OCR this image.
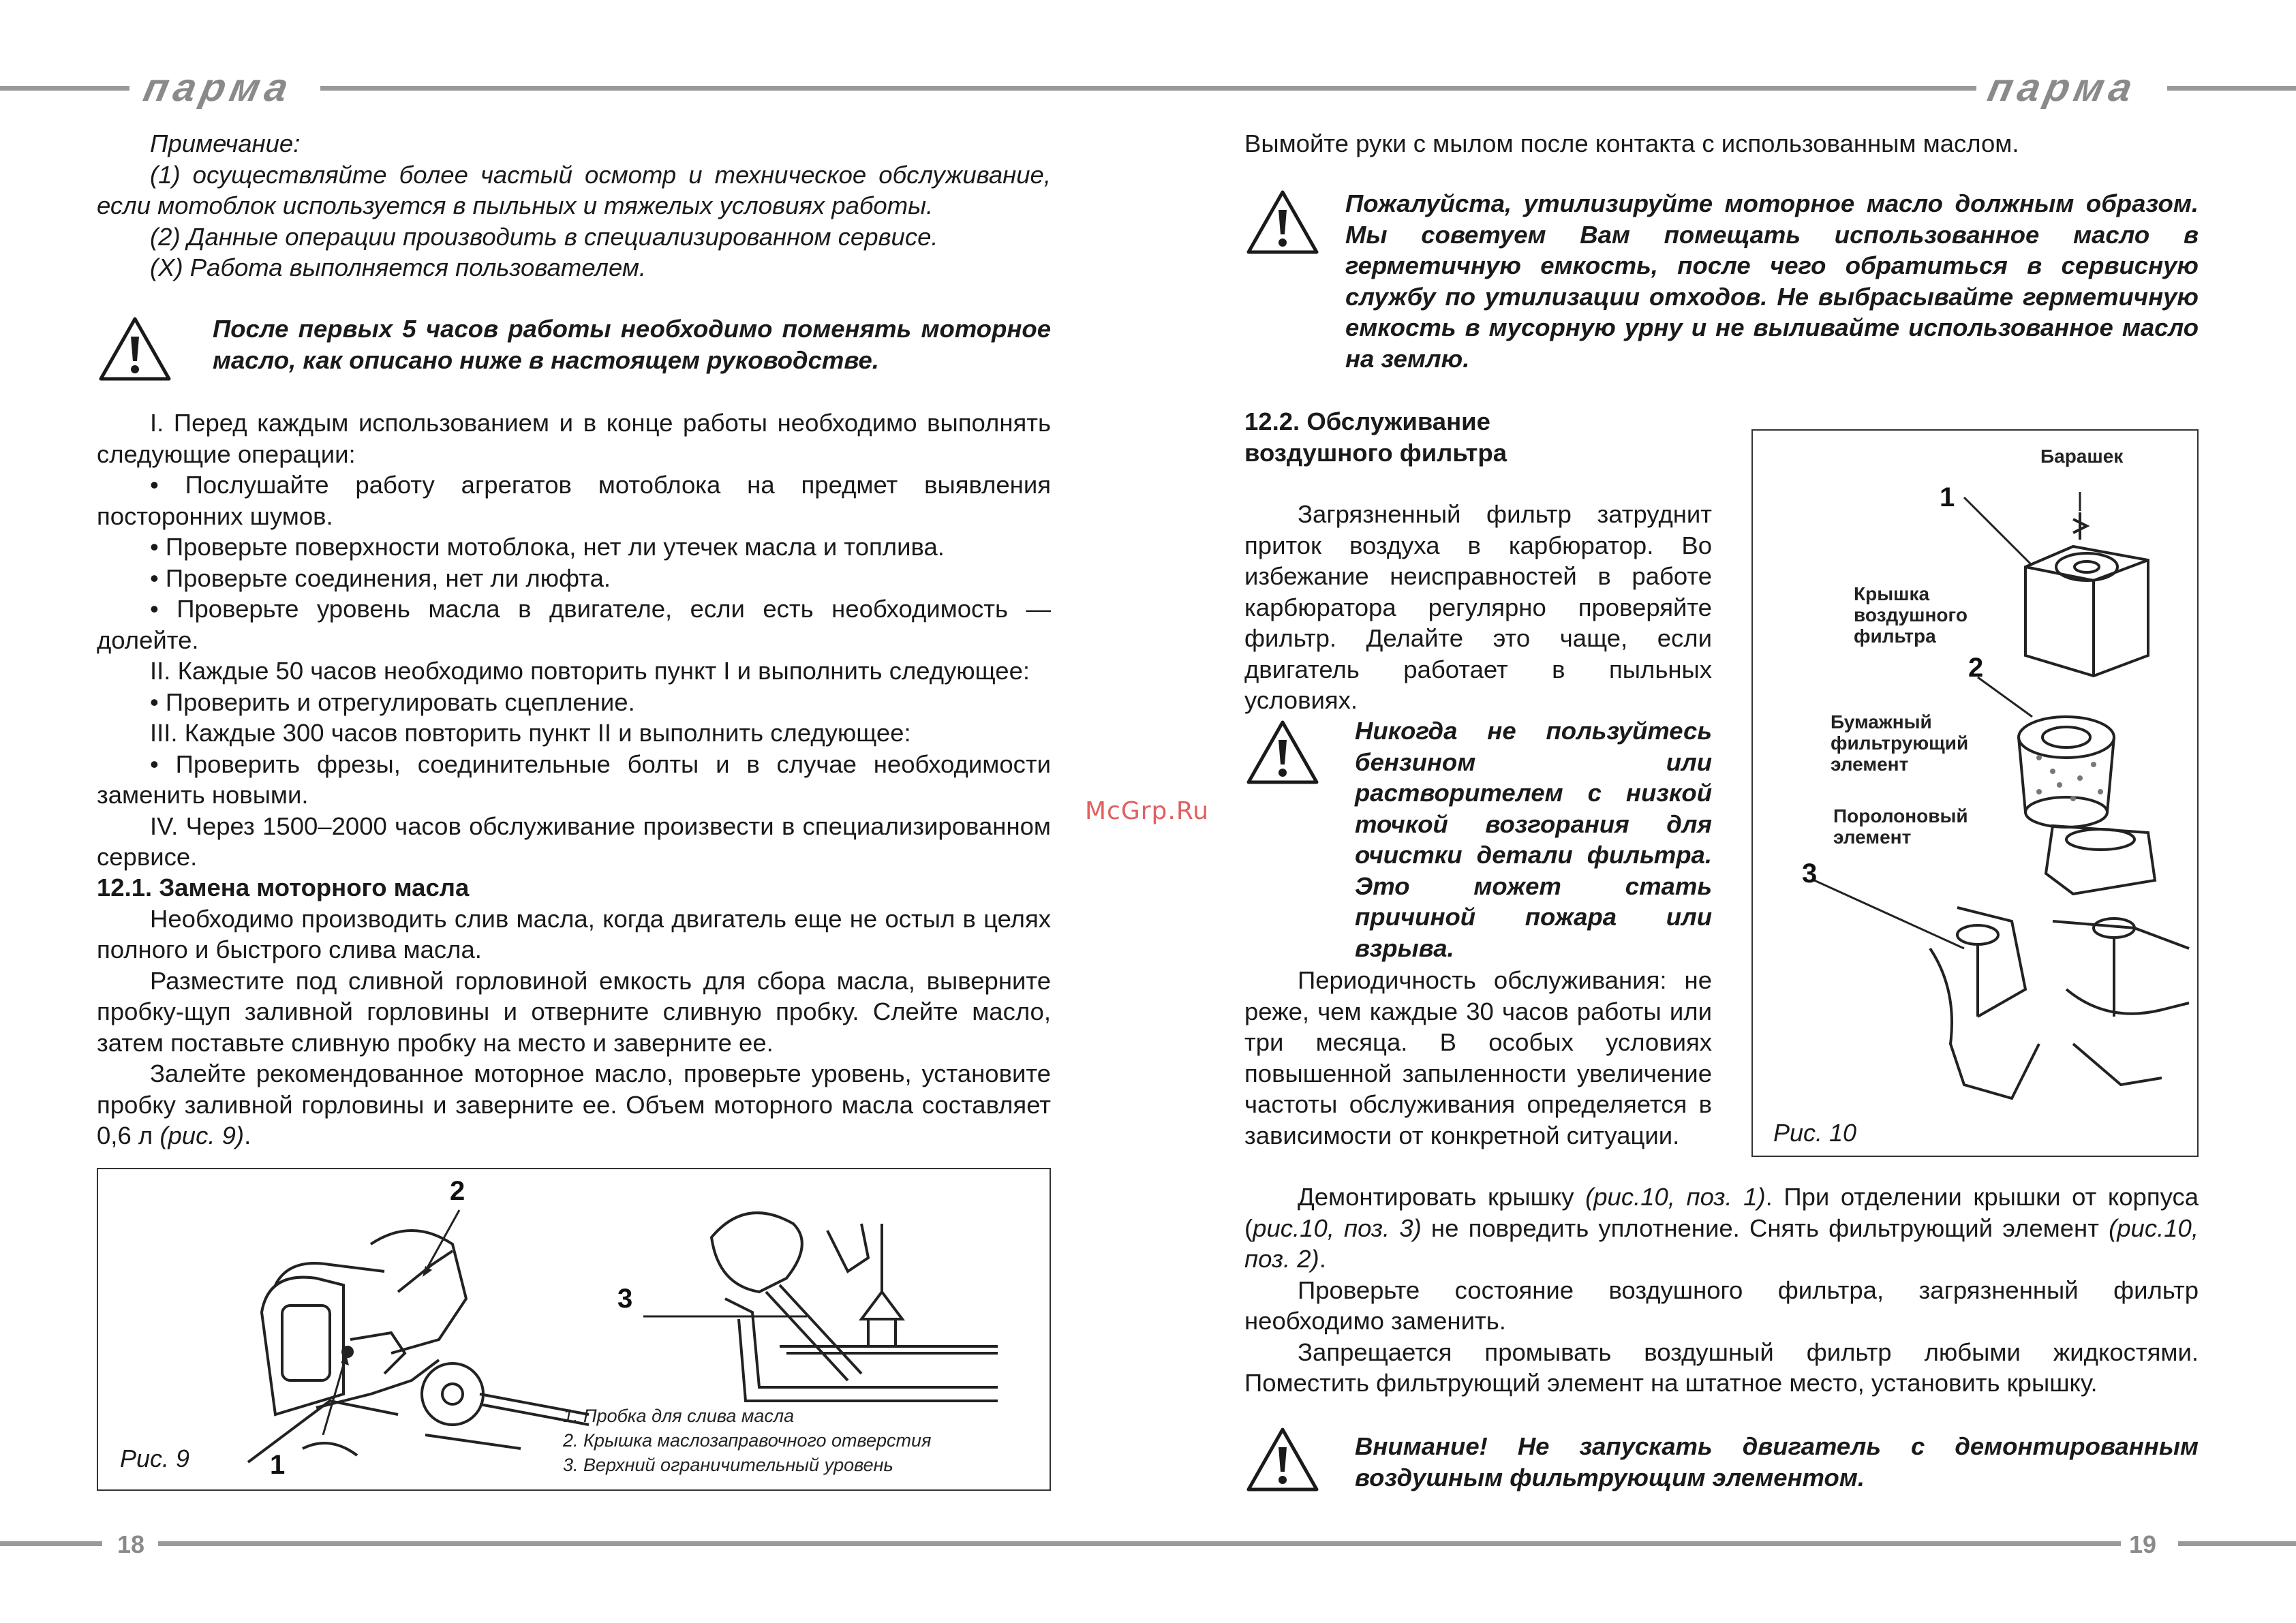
парма	парма
18	19
McGrp.Ru

Примечание:

(1) осуществляйте более частый осмотр и техническое обслуживание, если мотоблок используется в пыльных и тяжелых условиях работы.

(2) Данные операции производить в специализированном сервисе.

(X) Работа выполняется пользователем.

После первых 5 часов работы необходимо поменять моторное масло, как описано ниже в настоящем руководстве.

I. Перед каждым использованием и в конце работы необходимо выполнять следующие операции:

• Послушайте работу агрегатов мотоблока на предмет выявления посторонних шумов.

• Проверьте поверхности мотоблока, нет ли утечек масла и топлива.

• Проверьте соединения, нет ли люфта.

• Проверьте уровень масла в двигателе, если есть необходимость — долейте.

II. Каждые 50 часов необходимо повторить пункт I и выполнить следующее:

• Проверить и отрегулировать сцепление.

III. Каждые 300 часов повторить пункт II и выполнить следующее:

• Проверить фрезы, соединительные болты и в случае необходимости заменить новыми.

IV. Через 1500–2000 часов обслуживание произвести в специализированном сервисе.

12.1. Замена моторного масла

Необходимо производить слив масла, когда двигатель еще не остыл в целях полного и быстрого слива масла.

Разместите под сливной горловиной емкость для сбора масла, выверните пробку-щуп заливной горловины и отверните сливную пробку. Слейте масло, затем поставьте сливную пробку на место и заверните ее.

Залейте рекомендованное моторное масло, проверьте уровень, установите пробку заливной горловины и заверните ее. Объем моторного масла составляет 0,6 л (рис. 9).

2
1
3
Рис. 9
1. Пробка для слива масла
2. Крышка маслозаправочного отверстия
3. Верхний ограничительный уровень
Вымойте руки с мылом после контакта с использованным маслом.
Пожалуйста, утилизируйте моторное масло должным образом. Мы советуем Вам помещать использованное масло в герметичную емкость, после чего обратиться в сервисную службу по утилизации отходов. Не выбрасывайте герметичную емкость в мусорную урну и не выливайте использованное масло на землю.

12.2. Обслуживание

воздушного фильтра

Загрязненный фильтр затруднит приток воздуха в карбюратор. Во избежание неисправностей в работе карбюратора регулярно проверяйте фильтр. Делайте это чаще, если двигатель работает в пыльных условиях.

Никогда не пользуйтесь бензином или растворителем с низкой точкой возгорания для очистки детали фильтра. Это может стать причиной пожара или взрыва.

Периодичность обслуживания: не реже, чем каждые 30 часов работы или три месяца. В особых условиях повышенной запыленности увеличение частоты обслуживания определяется в зависимости от конкретной ситуации.

Демонтировать крышку (рис.10, поз. 1). При отделении крышки от корпуса (рис.10, поз. 3) не повредить уплотнение. Снять фильтрующий элемент (рис.10, поз. 2).

Проверьте состояние воздушного фильтра, загрязненный фильтр необходимо заменить.

Запрещается промывать воздушный фильтр любыми жидкостями. Поместить фильтрующий элемент на штатное место, установить крышку.

Внимание! Не запускать двигатель с демонтированным воздушным фильтрующим элементом.
Барашек
1
Крышка воздушного фильтра
2
Бумажный фильтрующий элемент
Поролоновый элемент
3
Рис. 10
